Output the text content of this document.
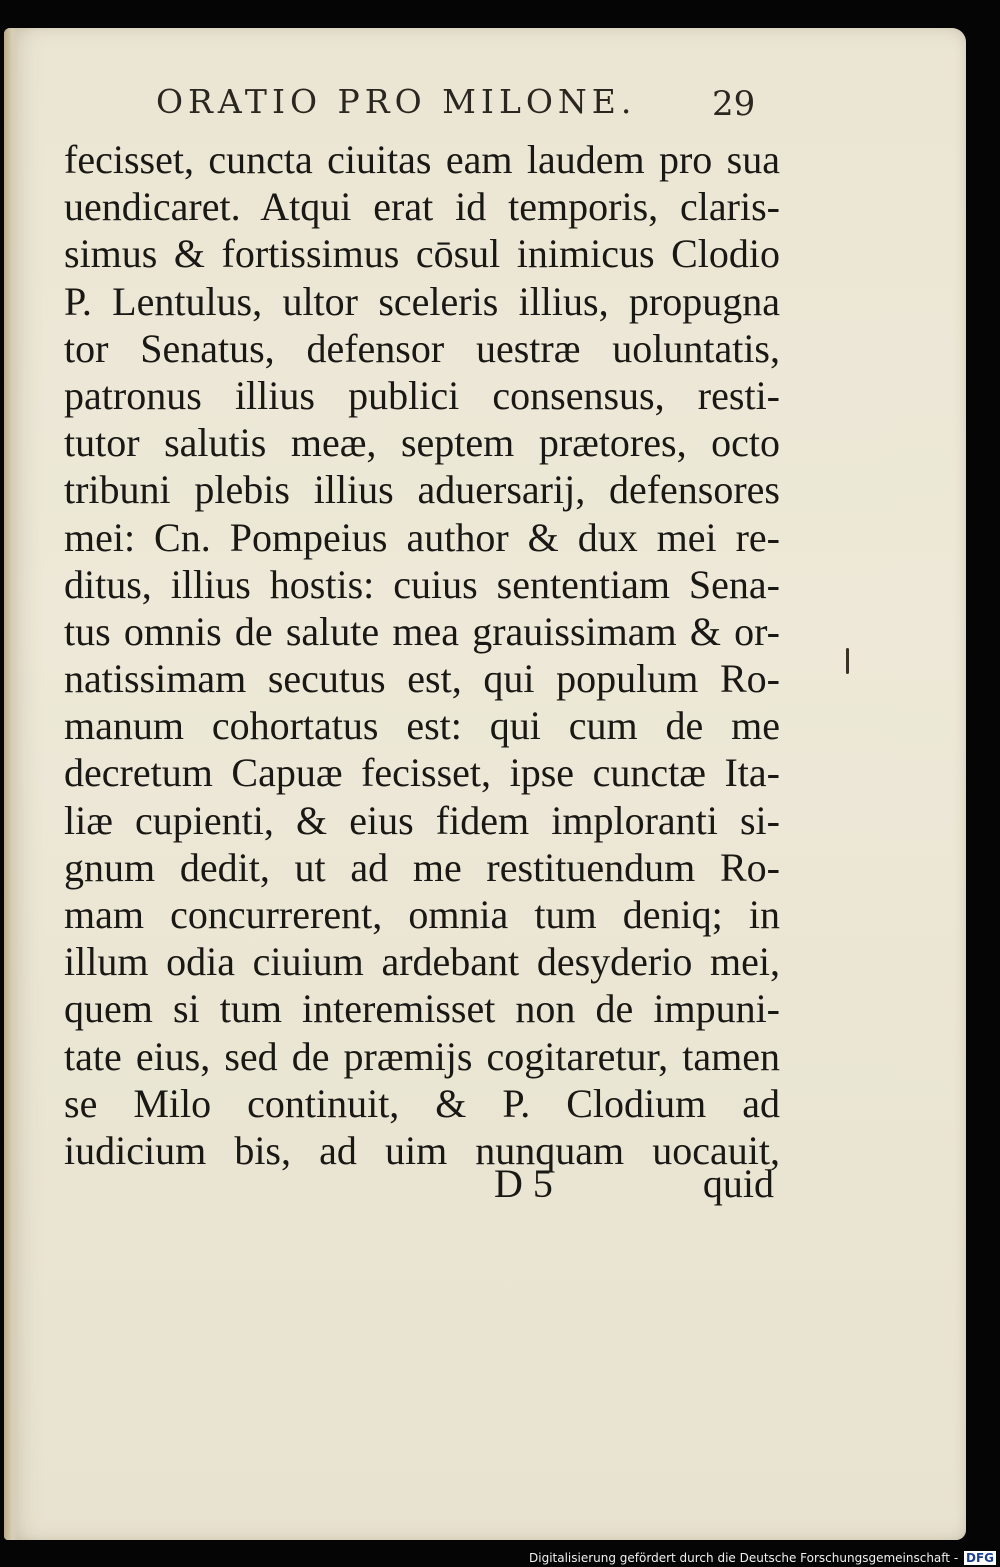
ORATIO PRO MILONE. 29
fecisset, cuncta ciuitas eam laudem pro sua
uendicaret. Atqui erat id temporis, claris-
simus & fortissimus cōsul inimicus Clodio
P. Lentulus, ultor sceleris illius, propugna
tor Senatus, defensor uestræ uoluntatis,
patronus illius publici consensus, resti-
tutor salutis meæ, septem prætores, octo
tribuni plebis illius aduersarij, defensores
mei: Cn. Pompeius author & dux mei re-
ditus, illius hostis: cuius sententiam Sena-
tus omnis de salute mea grauissimam & or-
natissimam secutus est, qui populum Ro-
manum cohortatus est: qui cum de me
decretum Capuæ fecisset, ipse cunctæ Ita-
liæ cupienti, & eius fidem imploranti si-
gnum dedit, ut ad me restituendum Ro-
mam concurrerent, omnia tum deniq; in
illum odia ciuium ardebant desyderio mei,
quem si tum interemisset non de impuni-
tate eius, sed de præmijs cogitaretur, tamen
se Milo continuit, & P. Clodium ad
iudicium bis, ad uim nunquam uocauit,
D 5	quid
Digitalisierung gefördert durch die Deutsche Forschungsgemeinschaft - DFG
